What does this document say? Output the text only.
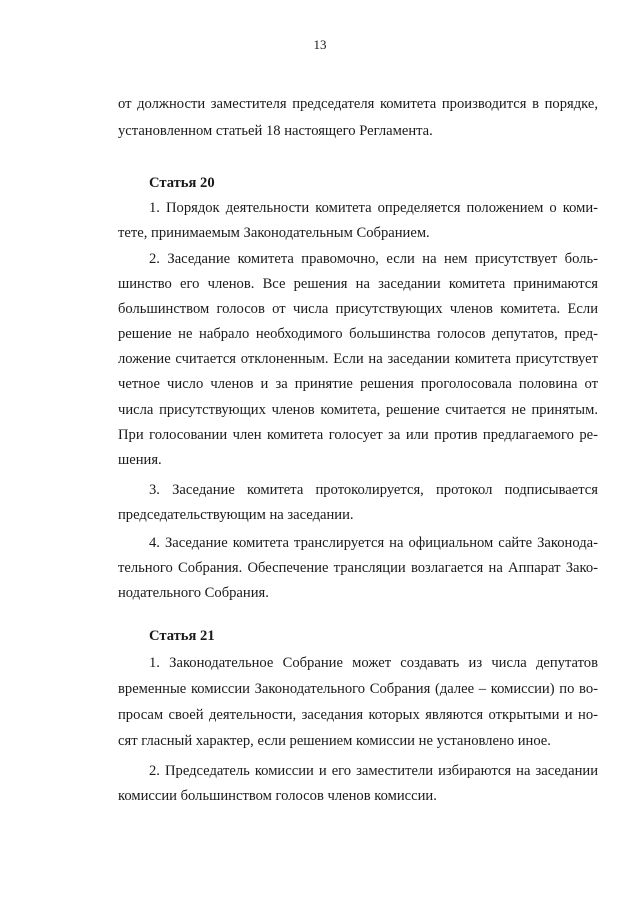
13
от должности заместителя председателя комитета производится в порядке,
установленном статьей 18 настоящего Регламента.
Статья 20
1. Порядок деятельности комитета определяется положением о коми-
тете, принимаемым Законодательным Собранием.
2. Заседание комитета правомочно, если на нем присутствует боль-
шинство его членов. Все решения на заседании комитета принимаются
большинством голосов от числа присутствующих членов комитета. Если
решение не набрало необходимого большинства голосов депутатов, пред-
ложение считается отклоненным. Если на заседании комитета присутствует
четное число членов и за принятие решения проголосовала половина от
числа присутствующих членов комитета, решение считается не принятым.
При голосовании член комитета голосует за или против предлагаемого ре-
шения.
3. Заседание комитета протоколируется, протокол подписывается
председательствующим на заседании.
4. Заседание комитета транслируется на официальном сайте Законода-
тельного Собрания. Обеспечение трансляции возлагается на Аппарат Зако-
нодательного Собрания.
Статья 21
1. Законодательное Собрание может создавать из числа депутатов
временные комиссии Законодательного Собрания (далее – комиссии) по во-
просам своей деятельности, заседания которых являются открытыми и но-
сят гласный характер, если решением комиссии не установлено иное.
2. Председатель комиссии и его заместители избираются на заседании
комиссии большинством голосов членов комиссии.
